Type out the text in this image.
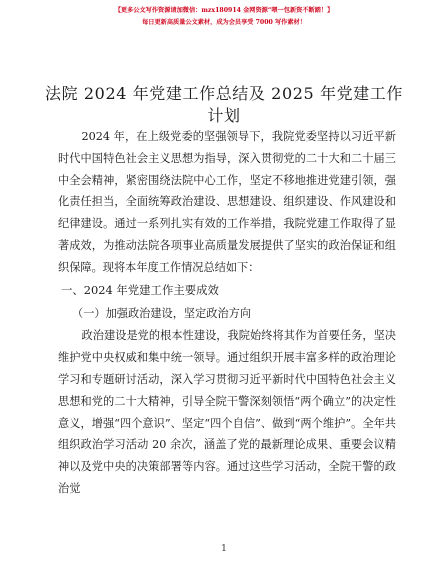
【更多公文写作资源请加微信：mzx180914 金网资源“喂一包新资不断踏！】
每日更新高质量公文素材，成为会员享受 7000 写作素材！
法院 2024 年党建工作总结及 2025 年党建工作计划

2024 年，在上级党委的坚强领导下，我院党委坚持以习近平新时代中国特色社会主义思想为指导，深入贯彻党的二十大和二十届三中全会精神，紧密围绕法院中心工作，坚定不移地推进党建引领，强化责任担当，全面统筹政治建设、思想建设、组织建设、作风建设和纪律建设。通过一系列扎实有效的工作举措，我院党建工作取得了显著成效，为推动法院各项事业高质量发展提供了坚实的政治保证和组织保障。现将本年度工作情况总结如下：

一、2024 年党建工作主要成效
（一）加强政治建设，坚定政治方向

政治建设是党的根本性建设，我院始终将其作为首要任务，坚决维护党中央权威和集中统一领导。通过组织开展丰富多样的政治理论学习和专题研讨活动，深入学习贯彻习近平新时代中国特色社会主义思想和党的二十大精神，引导全院干警深刻领悟“两个确立”的决定性意义，增强“四个意识”、坚定“四个自信”、做到“两个维护”。全年共组织政治学习活动 20 余次，涵盖了党的最新理论成果、重要会议精神以及党中央的决策部署等内容。通过这些学习活动，全院干警的政治觉

1
